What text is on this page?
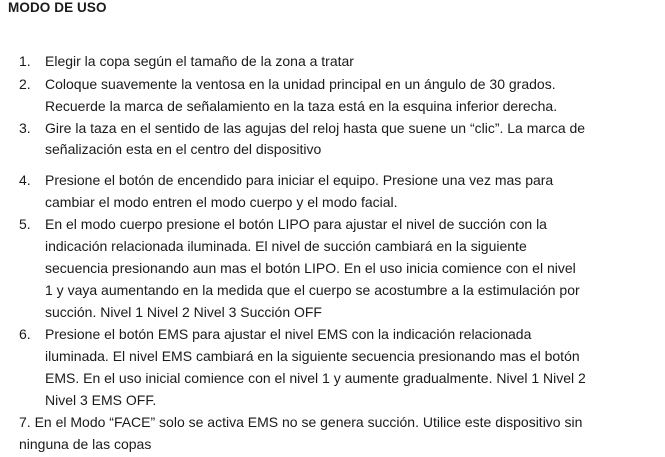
MODO DE USO
1. Elegir la copa según el tamaño de la zona a tratar
2. Coloque suavemente la ventosa en la unidad principal en un ángulo de 30 grados.
Recuerde la marca de señalamiento en la taza está en la esquina inferior derecha.
3. Gire la taza en el sentido de las agujas del reloj hasta que suene un “clic”. La marca de
señalización esta en el centro del dispositivo
4. Presione el botón de encendido para iniciar el equipo. Presione una vez mas para
cambiar el modo entren el modo cuerpo y el modo facial.
5. En el modo cuerpo presione el botón LIPO para ajustar el nivel de succión con la
indicación relacionada iluminada. El nivel de succión cambiará en la siguiente
secuencia presionando aun mas el botón LIPO. En el uso inicia comience con el nivel
1 y vaya aumentando en la medida que el cuerpo se acostumbre a la estimulación por
succión. Nivel 1 Nivel 2 Nivel 3 Succión OFF
6. Presione el botón EMS para ajustar el nivel EMS con la indicación relacionada
iluminada. El nivel EMS cambiará en la siguiente secuencia presionando mas el botón
EMS. En el uso inicial comience con el nivel 1 y aumente gradualmente. Nivel 1 Nivel 2
Nivel 3 EMS OFF.
7. En el Modo “FACE” solo se activa EMS no se genera succión. Utilice este dispositivo sin
ninguna de las copas
